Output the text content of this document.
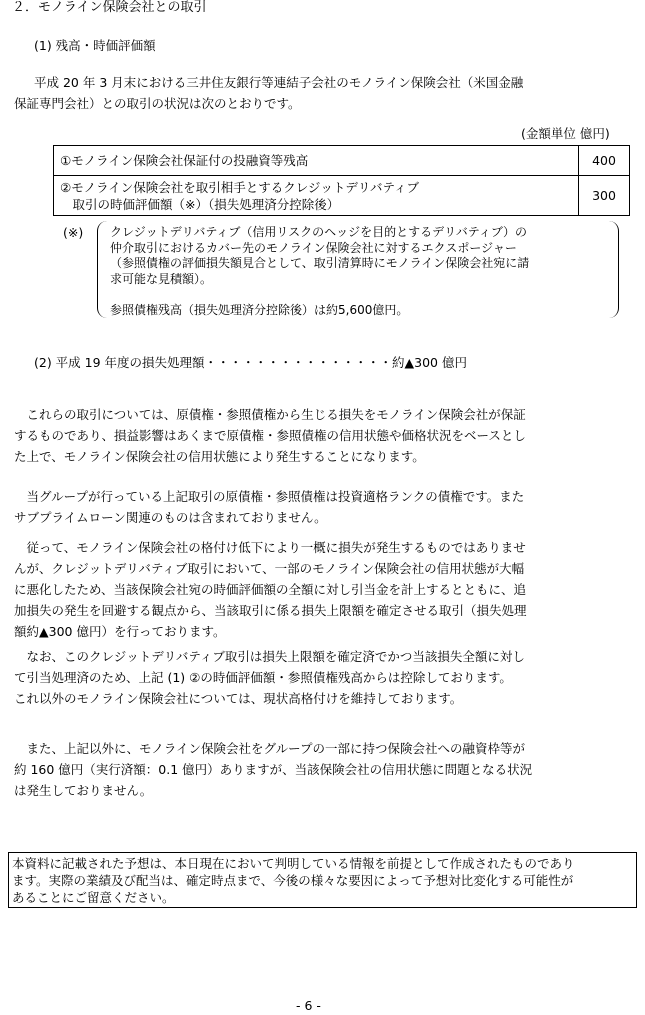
２．モノライン保険会社との取引
(1) 残高・時価評価額
平成 20 年 3 月末における三井住友銀行等連結子会社のモノライン保険会社（米国金融
保証専門会社）との取引の状況は次のとおりです。
(金額単位 億円)
①モノライン保険会社保証付の投融資等残高	400

②モノライン保険会社を取引相手とするクレジットデリバティブ
　取引の時価評価額（※）（損失処理済分控除後）	300
(※) クレジットデリバティブ（信用リスクのヘッジを目的とするデリバティブ）の
仲介取引におけるカバー先のモノライン保険会社に対するエクスポージャー
（参照債権の評価損失額見合として、取引清算時にモノライン保険会社宛に請
求可能な見積額）。
参照債権残高（損失処理済分控除後）は約5,600億円。
(2) 平成 19 年度の損失処理額・・・・・・・・・・・・・・・約▲300 億円
　これらの取引については、原債権・参照債権から生じる損失をモノライン保険会社が保証
するものであり、損益影響はあくまで原債権・参照債権の信用状態や価格状況をベースとし
た上で、モノライン保険会社の信用状態により発生することになります。
　当グループが行っている上記取引の原債権・参照債権は投資適格ランクの債権です。また
サブプライムローン関連のものは含まれておりません。
　従って、モノライン保険会社の格付け低下により一概に損失が発生するものではありませ
んが、クレジットデリバティブ取引において、一部のモノライン保険会社の信用状態が大幅
に悪化したため、当該保険会社宛の時価評価額の全額に対し引当金を計上するとともに、追
加損失の発生を回避する観点から、当該取引に係る損失上限額を確定させる取引（損失処理
額約▲300 億円）を行っております。
　なお、このクレジットデリバティブ取引は損失上限額を確定済でかつ当該損失全額に対し
て引当処理済のため、上記 (1) ②の時価評価額・参照債権残高からは控除しております。
これ以外のモノライン保険会社については、現状高格付けを維持しております。
　また、上記以外に、モノライン保険会社をグループの一部に持つ保険会社への融資枠等が
約 160 億円（実行済額：0.1 億円）ありますが、当該保険会社の信用状態に問題となる状況
は発生しておりません。
本資料に記載された予想は、本日現在において判明している情報を前提として作成されたものであり
ます。実際の業績及び配当は、確定時点まで、今後の様々な要因によって予想対比変化する可能性が
あることにご留意ください。
- 6 -
